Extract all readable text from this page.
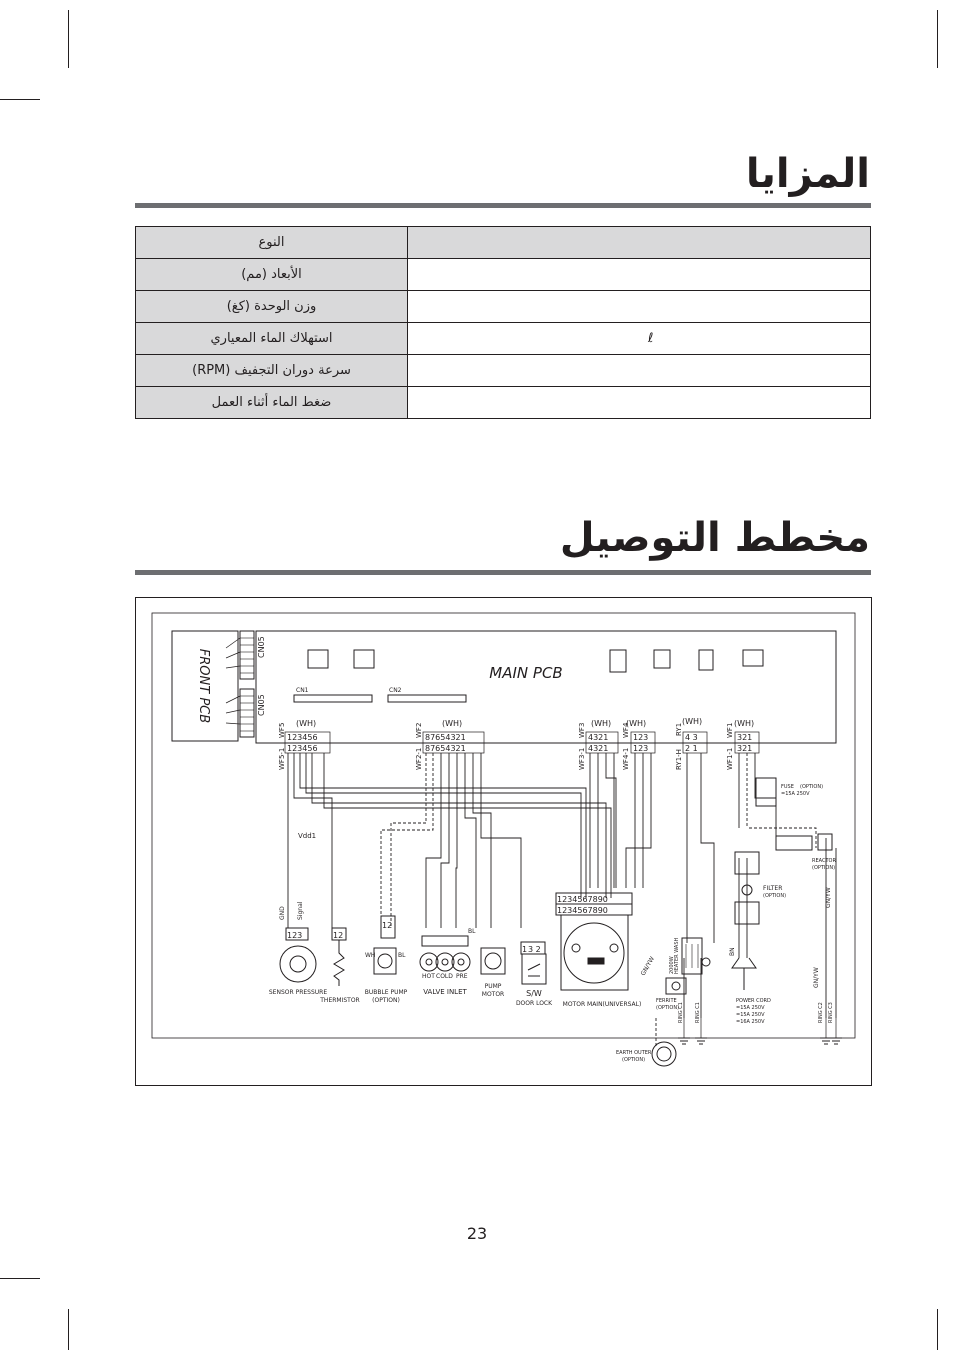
المزايا
النوع	
الأبعاد (مم)	
وزن الوحدة (كغ)	
استهلاك الماء المعياري	ℓ
سرعة دوران التجفيف (RPM)	
ضغط الماء أثناء العمل	
مخطط التوصيل
FRONT PCB	MAIN PCB
CN05
CN05
CN1	CN2
(WH)	(WH)	(WH) (WH)	(WH)	(WH)
123456
123456
87654321
87654321
4321
4321
123
123
4 3
2 1
321
321
WF5
WF5-1
WF2
WF2-1
WF3
WF3-1
WF4
WF4-1
RY1
RY1-H
WF1
WF1-1
Vdd1
123
GND Signal
SENSOR PRESSURE
12
THERMISTOR
12
WH	BL
BUBBLE PUMP
(OPTION)
HOT COLD PRE
VALVE INLET
BL
PUMP
MOTOR
3 2
1
S/W
DOOR LOCK
1234567890
1234567890
MOTOR MAIN(UNIVERSAL)
GN/YW	HEATER WASH
2000W
FERRITE
(OPTION)
FUSE (OPTION)
=15A 250V
REACTOR
(OPTION)
FILTER
(OPTION)	GN/YW
GN/YW
POWER CORD
=15A 250V
=15A 250V
=16A 250V
BN
RING C1 RING C1	RING C2 RING C3
EARTH OUTER
(OPTION)
23
